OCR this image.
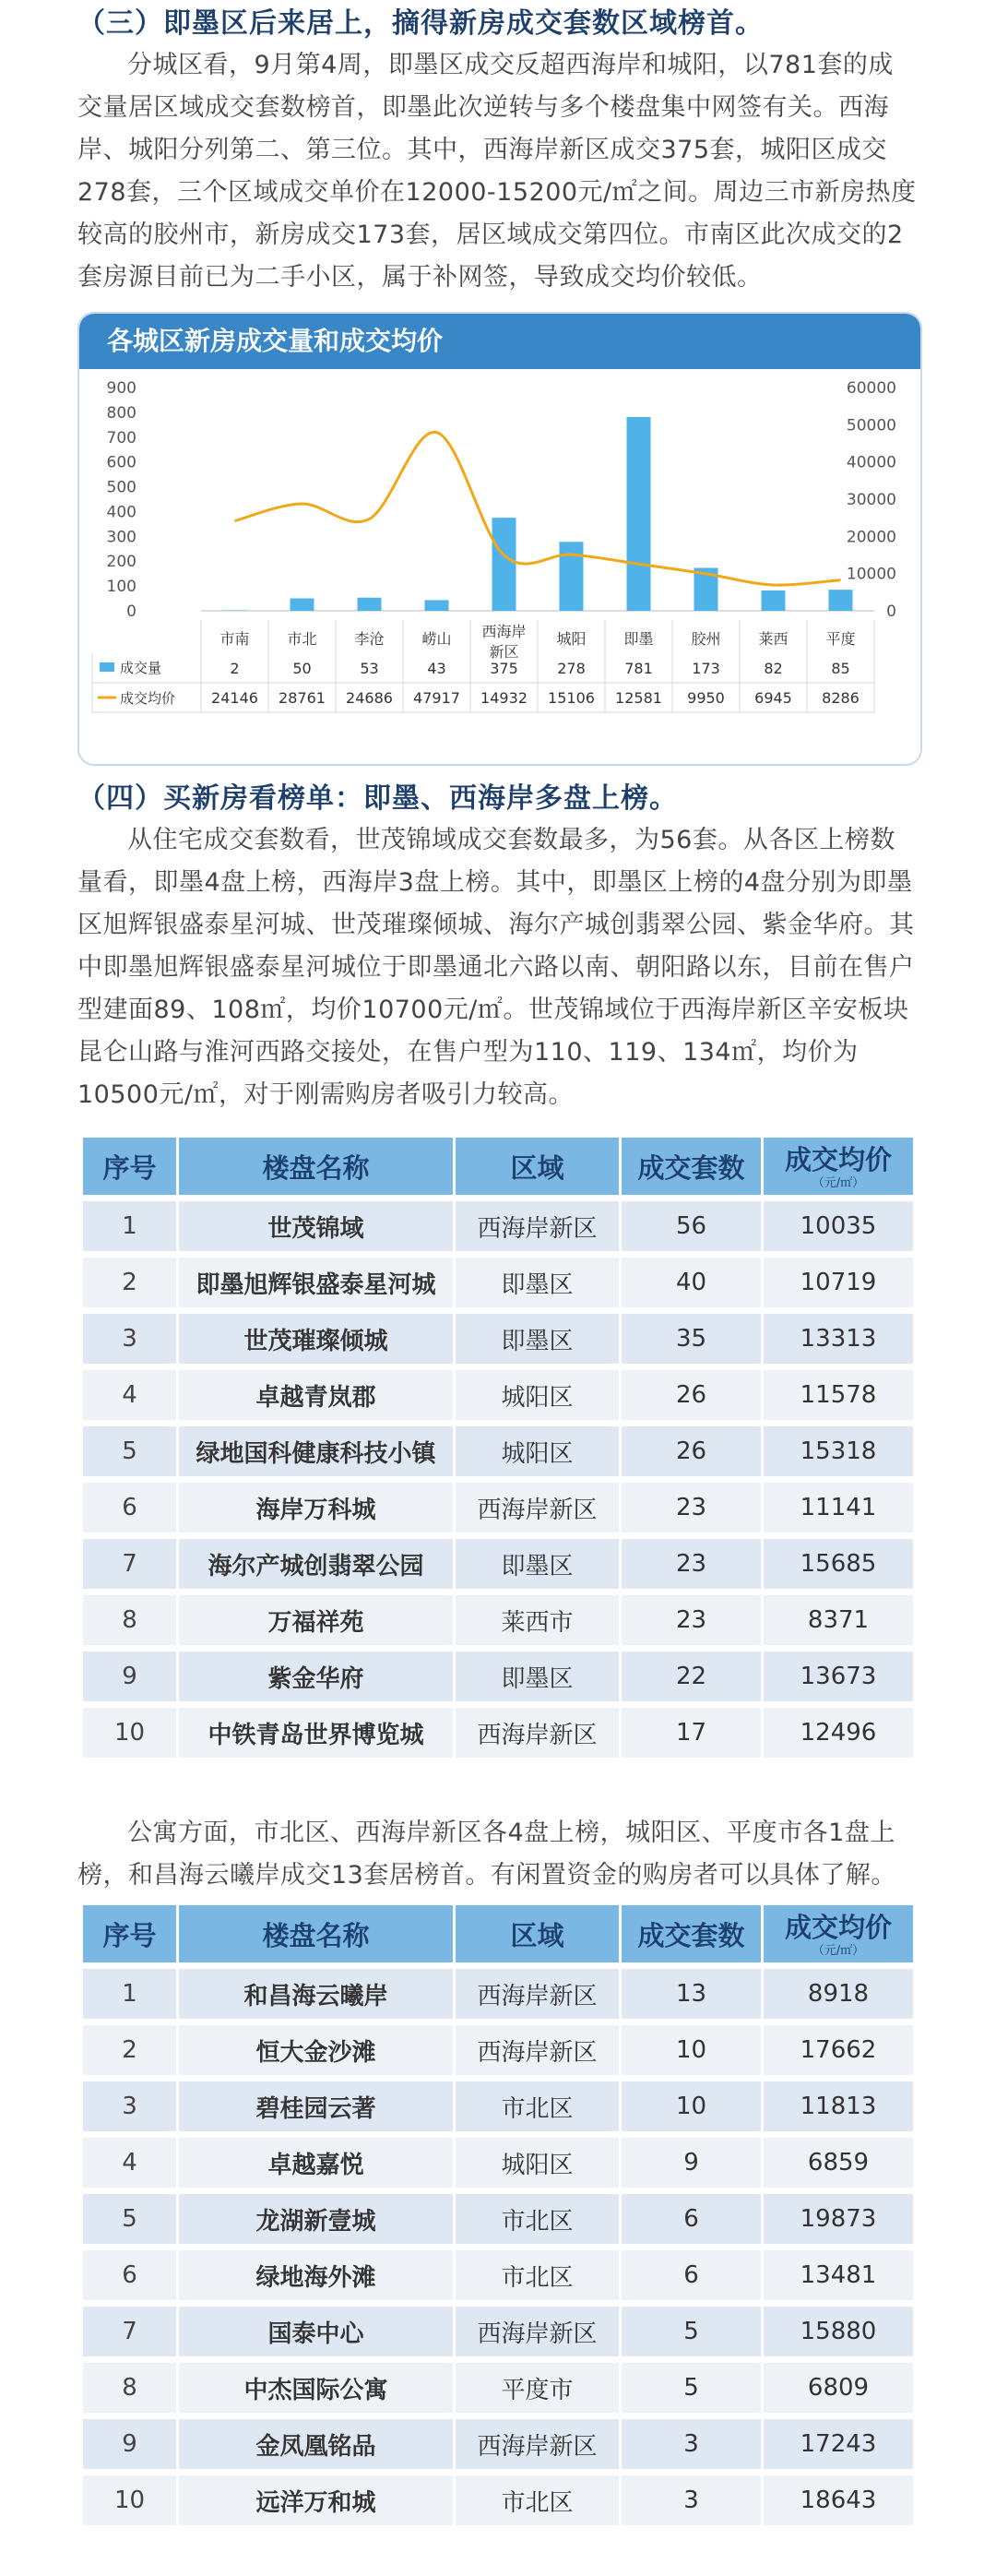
（三）即墨区后来居上，摘得新房成交套数区域榜首。

分城区看，9月第4周，即墨区成交反超西海岸和城阳，以781套的成交量居区域成交套数榜首，即墨此次逆转与多个楼盘集中网签有关。西海岸、城阳分列第二、第三位。其中，西海岸新区成交375套，城阳区成交278套，三个区域成交单价在12000-15200元/㎡之间。周边三市新房热度较高的胶州市，新房成交173套，居区域成交第四位。市南区此次成交的2套房源目前已为二手小区，属于补网签，导致成交均价较低。

各城区新房成交量和成交均价
0
100
200
300
400
500
600
700
800
900
0
10000
20000
30000
40000
50000
60000
市南	市北	李沧	崂山 西海岸
新区
城阳	即墨	胶州	莱西	平度
成交量
成交均价
2	50	53	43	375	278	781	173	82	85
24146 28761 24686 47917 14932 15106 12581 9950 6945 8286
（四）买新房看榜单：即墨、西海岸多盘上榜。

从住宅成交套数看，世茂锦域成交套数最多，为56套。从各区上榜数量看，即墨4盘上榜，西海岸3盘上榜。其中，即墨区上榜的4盘分别为即墨区旭辉银盛泰星河城、世茂璀璨倾城、海尔产城创翡翠公园、紫金华府。其中即墨旭辉银盛泰星河城位于即墨通北六路以南、朝阳路以东，目前在售户型建面89、108㎡，均价10700元/㎡。世茂锦域位于西海岸新区辛安板块昆仑山路与淮河西路交接处，在售户型为110、119、134㎡，均价为10500元/㎡，对于刚需购房者吸引力较高。

序号	楼盘名称	区域	成交套数	成交均价
（元/㎡）

1	世茂锦域	西海岸新区	56	10035
2	即墨旭辉银盛泰星河城	即墨区	40	10719
3	世茂璀璨倾城	即墨区	35	13313
4	卓越青岚郡	城阳区	26	11578
5	绿地国科健康科技小镇	城阳区	26	15318
6	海岸万科城	西海岸新区	23	11141
7	海尔产城创翡翠公园	即墨区	23	15685
8	万福祥苑	莱西市	23	8371
9	紫金华府	即墨区	22	13673
10	中铁青岛世界博览城	西海岸新区	17	12496

公寓方面，市北区、西海岸新区各4盘上榜，城阳区、平度市各1盘上榜，和昌海云曦岸成交13套居榜首。有闲置资金的购房者可以具体了解。

序号	楼盘名称	区域	成交套数	成交均价
（元/㎡）

1	和昌海云曦岸	西海岸新区	13	8918
2	恒大金沙滩	西海岸新区	10	17662
3	碧桂园云著	市北区	10	11813
4	卓越嘉悦	城阳区	9	6859
5	龙湖新壹城	市北区	6	19873
6	绿地海外滩	市北区	6	13481
7	国泰中心	西海岸新区	5	15880
8	中杰国际公寓	平度市	5	6809
9	金凤凰铭品	西海岸新区	3	17243
10	远洋万和城	市北区	3	18643
